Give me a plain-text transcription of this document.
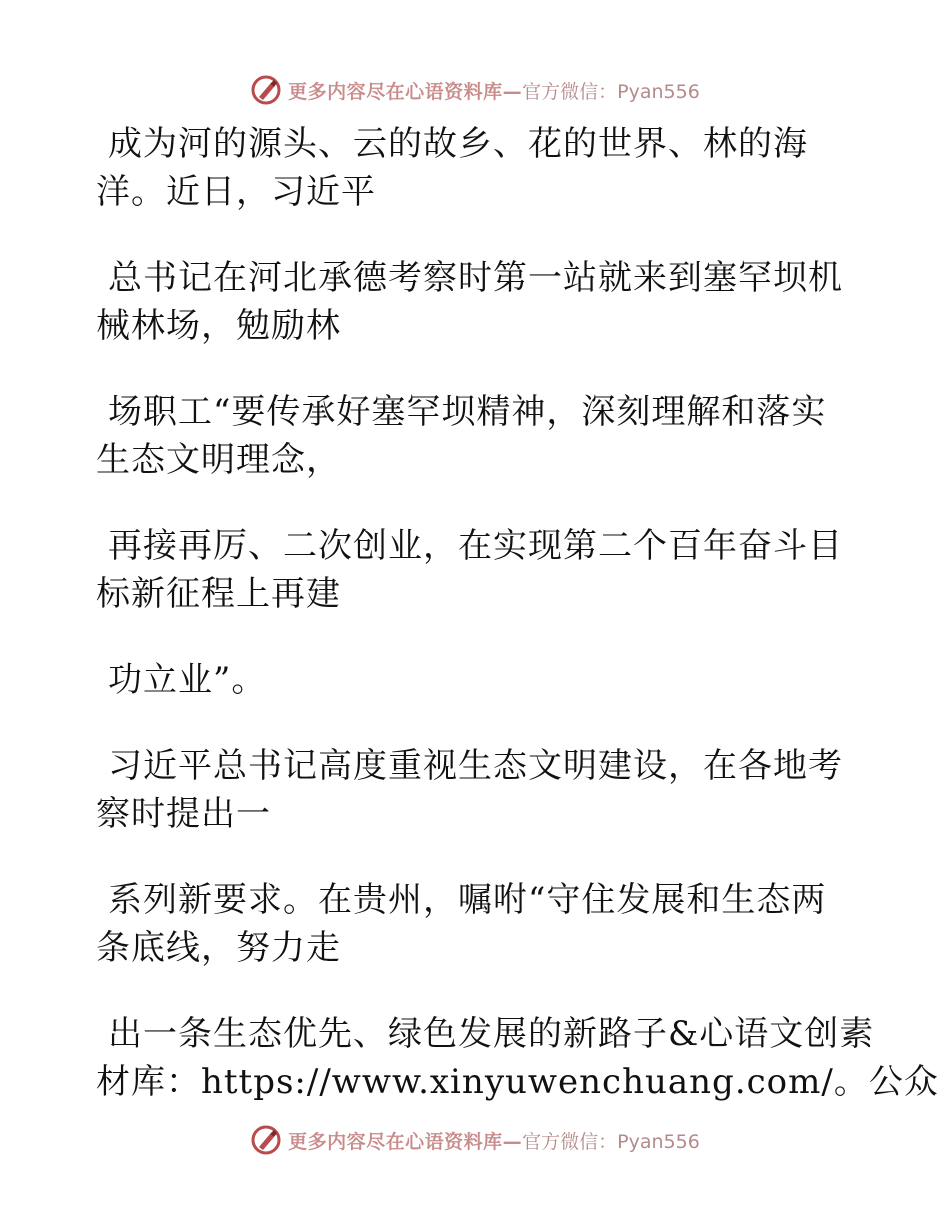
更多内容尽在心语资料库— 官方微信：Pyan556
成为河的源头、云的故乡、花的世界、林的海
洋。近日，习近平
总书记在河北承德考察时第一站就来到塞罕坝机
械林场，勉励林
场职工“要传承好塞罕坝精神，深刻理解和落实
生态文明理念，
再接再厉、二次创业，在实现第二个百年奋斗目
标新征程上再建
功立业”。
习近平总书记高度重视生态文明建设，在各地考
察时提出一
系列新要求。在贵州，嘱咐“守住发展和生态两
条底线，努力走
出一条生态优先、绿色发展的新路子&心语文创素
材库：https://www.xinyuwenchuang.com/。公众
更多内容尽在心语资料库— 官方微信：Pyan556
